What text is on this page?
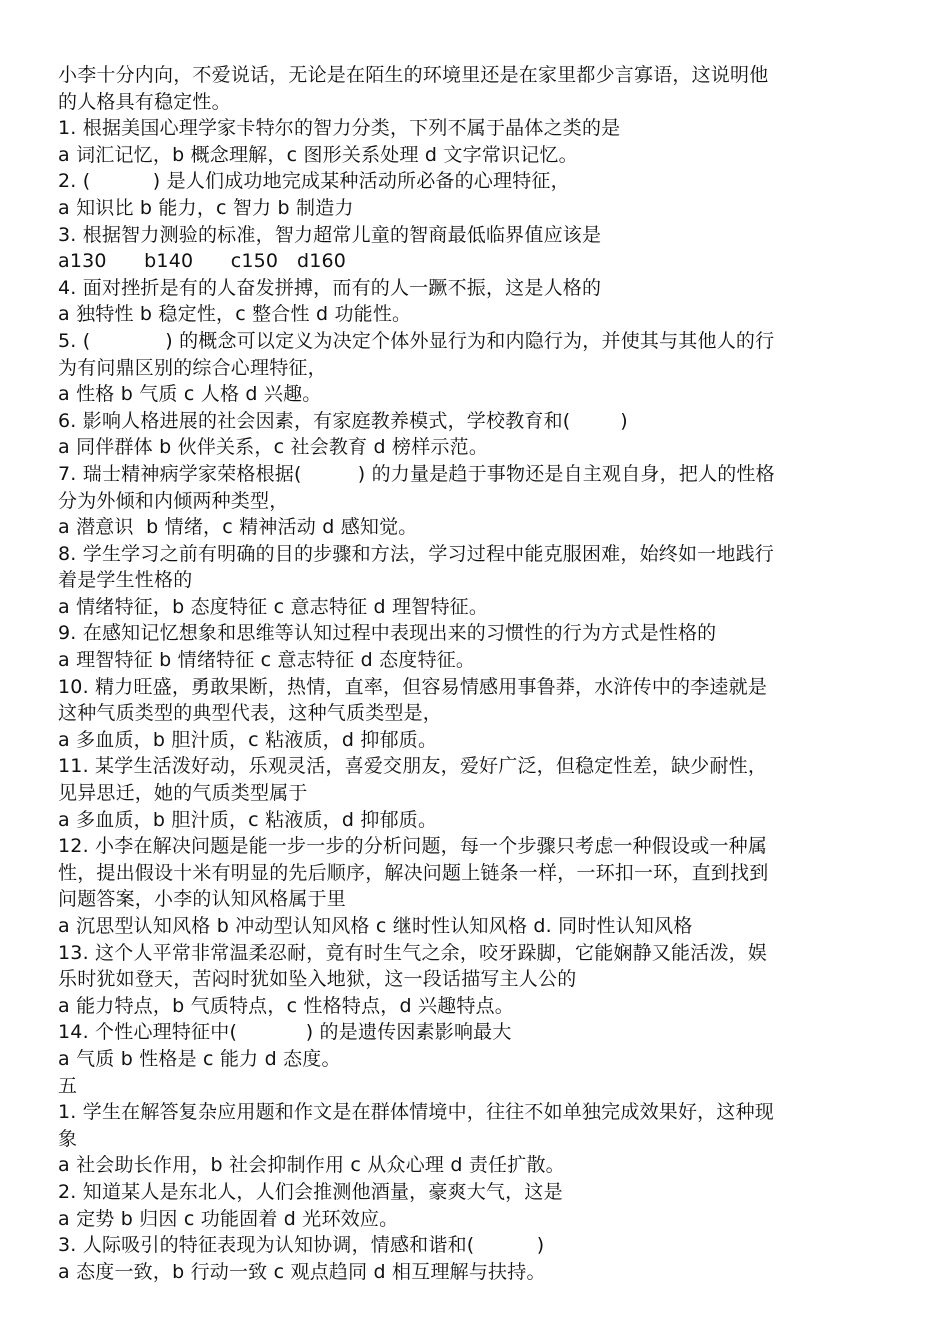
小李十分内向，不爱说话，无论是在陌生的环境里还是在家里都少言寡语，这说明他
的人格具有稳定性。
1. 根据美国心理学家卡特尔的智力分类，下列不属于晶体之类的是
a 词汇记忆，b 概念理解，c 图形关系处理 d 文字常识记忆。
2. (          ) 是人们成功地完成某种活动所必备的心理特征，
a 知识比 b 能力，c 智力 b 制造力
3. 根据智力测验的标准，智力超常儿童的智商最低临界值应该是
a130      b140      c150   d160
4. 面对挫折是有的人奋发拼搏，而有的人一蹶不振，这是人格的
a 独特性 b 稳定性，c 整合性 d 功能性。
5. (            ) 的概念可以定义为决定个体外显行为和内隐行为，并使其与其他人的行
为有问鼎区别的综合心理特征，
a 性格 b 气质 c 人格 d 兴趣。
6. 影响人格进展的社会因素，有家庭教养模式，学校教育和(        )
a 同伴群体 b 伙伴关系，c 社会教育 d 榜样示范。
7. 瑞士精神病学家荣格根据(         ) 的力量是趋于事物还是自主观自身，把人的性格
分为外倾和内倾两种类型，
a 潜意识  b 情绪，c 精神活动 d 感知觉。
8. 学生学习之前有明确的目的步骤和方法，学习过程中能克服困难，始终如一地践行
着是学生性格的
a 情绪特征，b 态度特征 c 意志特征 d 理智特征。
9. 在感知记忆想象和思维等认知过程中表现出来的习惯性的行为方式是性格的
a 理智特征 b 情绪特征 c 意志特征 d 态度特征。
10. 精力旺盛，勇敢果断，热情，直率，但容易情感用事鲁莽，水浒传中的李逵就是
这种气质类型的典型代表，这种气质类型是，
a 多血质，b 胆汁质，c 粘液质，d 抑郁质。
11. 某学生活泼好动，乐观灵活，喜爱交朋友，爱好广泛，但稳定性差，缺少耐性，
见异思迁，她的气质类型属于
a 多血质，b 胆汁质，c 粘液质，d 抑郁质。
12. 小李在解决问题是能一步一步的分析问题，每一个步骤只考虑一种假设或一种属
性，提出假设十米有明显的先后顺序，解决问题上链条一样，一环扣一环，直到找到
问题答案，小李的认知风格属于里
a 沉思型认知风格 b 冲动型认知风格 c 继时性认知风格 d. 同时性认知风格
13. 这个人平常非常温柔忍耐，竟有时生气之余，咬牙跺脚，它能娴静又能活泼，娱
乐时犹如登天，苦闷时犹如坠入地狱，这一段话描写主人公的
a 能力特点，b 气质特点，c 性格特点，d 兴趣特点。
14. 个性心理特征中(           ) 的是遗传因素影响最大
a 气质 b 性格是 c 能力 d 态度。
五
1. 学生在解答复杂应用题和作文是在群体情境中，往往不如单独完成效果好，这种现
象
a 社会助长作用，b 社会抑制作用 c 从众心理 d 责任扩散。
2. 知道某人是东北人，人们会推测他酒量，豪爽大气，这是
a 定势 b 归因 c 功能固着 d 光环效应。
3. 人际吸引的特征表现为认知协调，情感和谐和(          )
a 态度一致，b 行动一致 c 观点趋同 d 相互理解与扶持。
